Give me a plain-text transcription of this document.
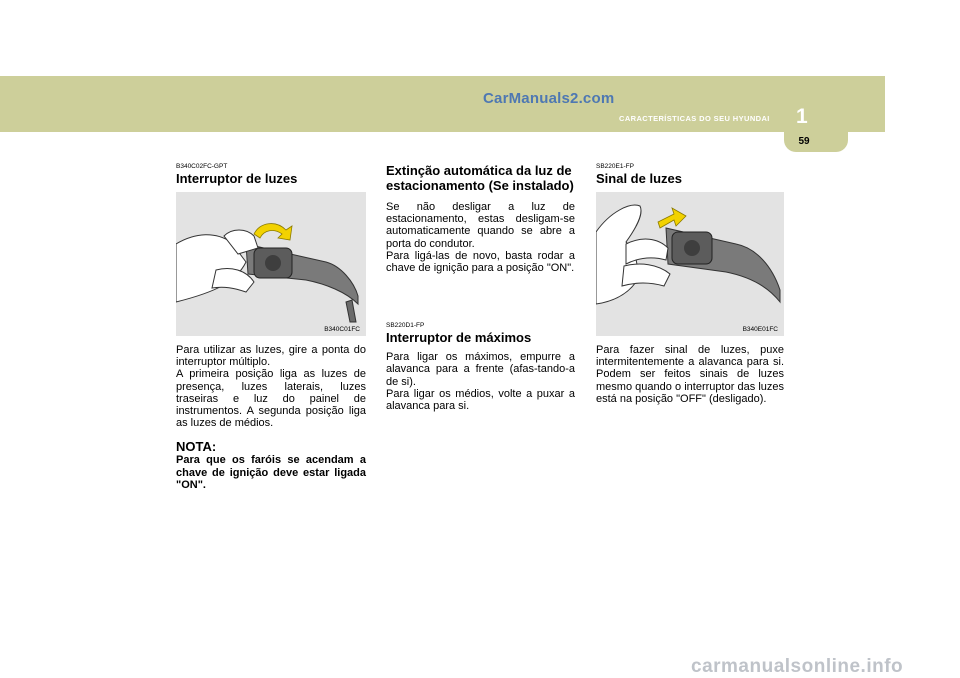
CarManuals2.com
CARACTERÍSTICAS DO SEU HYUNDAI 1
59

B340C02FC-GPT

Interruptor de luzes

B340C01FC

Para utilizar as luzes, gire a ponta do interruptor múltiplo.
A primeira posição liga as luzes de presença, luzes laterais, luzes traseiras e luz do painel de instrumentos. A segunda posição liga as luzes de médios.

NOTA:

Para que os faróis se acendam a chave de ignição deve estar ligada "ON".

Extinção automática da luz de estacionamento (Se instalado)

Se não desligar a luz de estacionamento, estas desligam-se automaticamente quando se abre a porta do condutor.
Para ligá-las de novo, basta rodar a chave de ignição para a posição "ON".

SB220D1-FP

Interruptor de máximos

Para ligar os máximos, empurre a alavanca para a frente (afas-tando-a de si).
Para ligar os médios, volte a puxar a alavanca para si.

SB220E1-FP

Sinal de luzes

B340E01FC

Para fazer sinal de luzes, puxe intermitentemente a alavanca para si. Podem ser feitos sinais de luzes mesmo quando o interruptor das luzes está na posição "OFF" (desligado).

carmanualsonline.info
